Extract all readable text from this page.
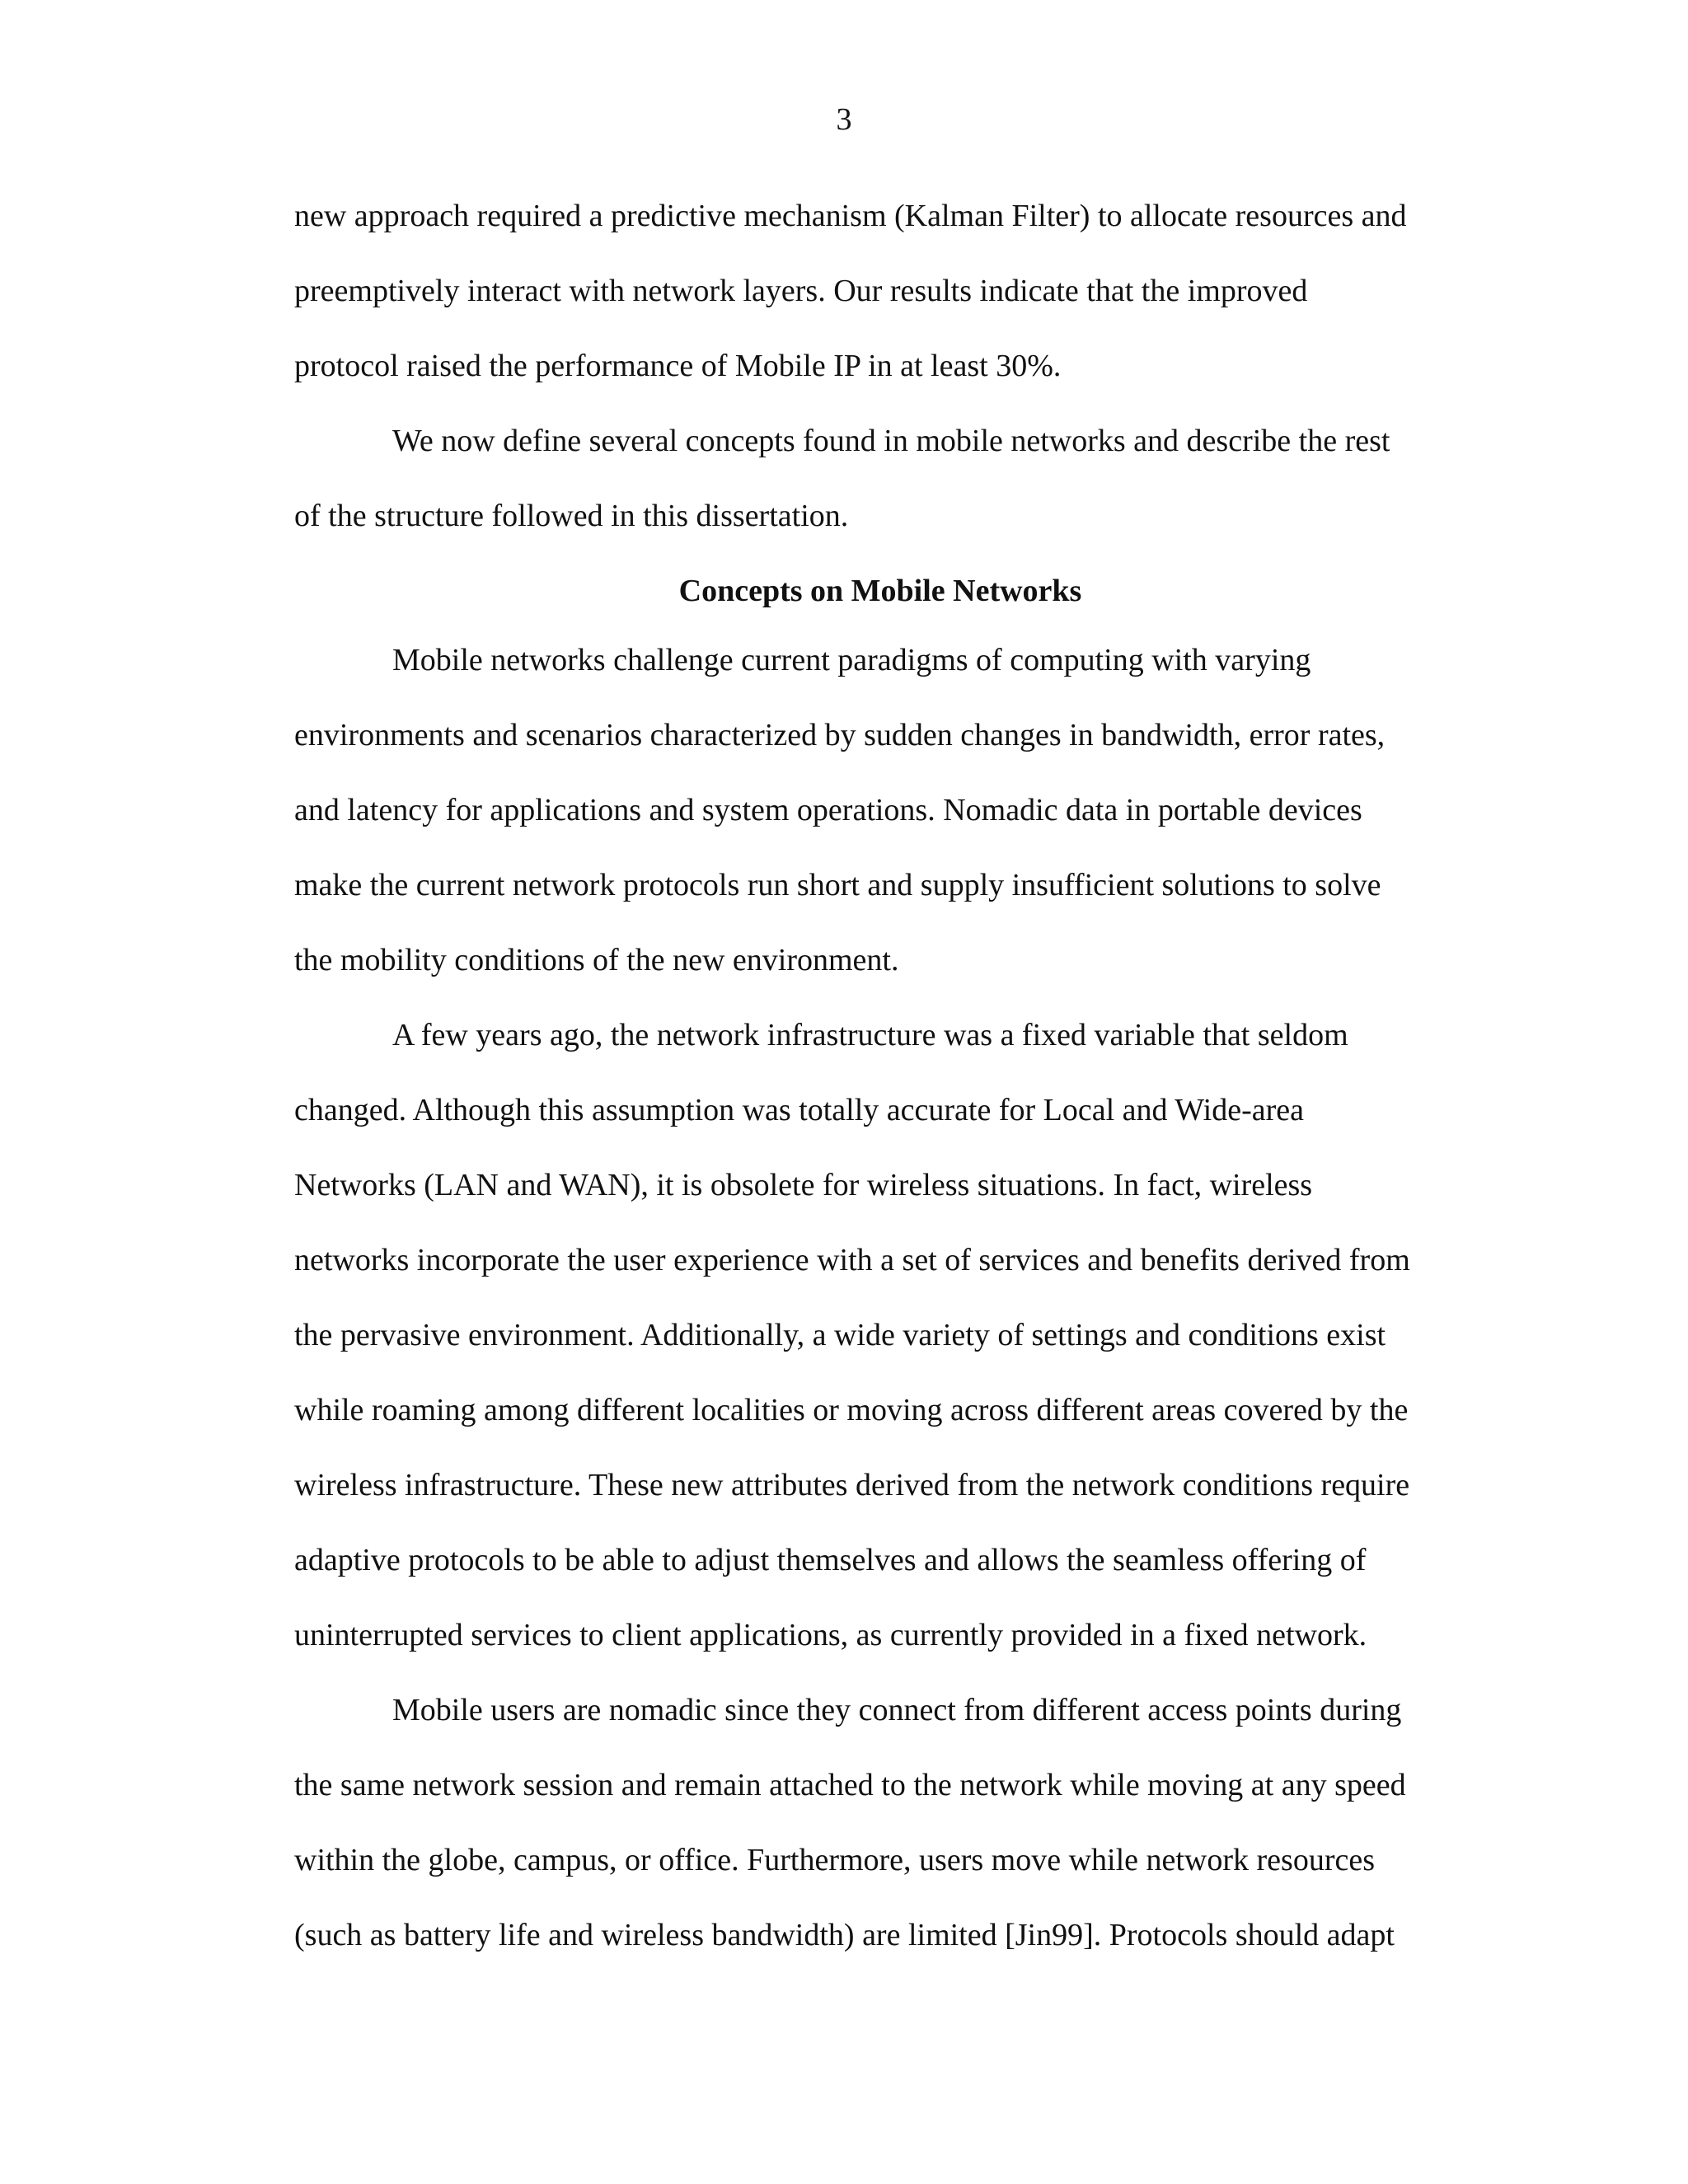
3
new approach required a predictive mechanism (Kalman Filter) to allocate resources and
preemptively interact with network layers. Our results indicate that the improved
protocol raised the performance of Mobile IP in at least 30%.
We now define several concepts found in mobile networks and describe the rest
of the structure followed in this dissertation.
Concepts on Mobile Networks
Mobile networks challenge current paradigms of computing with varying
environments and scenarios characterized by sudden changes in bandwidth, error rates,
and latency for applications and system operations. Nomadic data in portable devices
make the current network protocols run short and supply insufficient solutions to solve
the mobility conditions of the new environment.
A few years ago, the network infrastructure was a fixed variable that seldom
changed. Although this assumption was totally accurate for Local and Wide-area
Networks (LAN and WAN), it is obsolete for wireless situations. In fact, wireless
networks incorporate the user experience with a set of services and benefits derived from
the pervasive environment. Additionally, a wide variety of settings and conditions exist
while roaming among different localities or moving across different areas covered by the
wireless infrastructure. These new attributes derived from the network conditions require
adaptive protocols to be able to adjust themselves and allows the seamless offering of
uninterrupted services to client applications, as currently provided in a fixed network.
Mobile users are nomadic since they connect from different access points during
the same network session and remain attached to the network while moving at any speed
within the globe, campus, or office. Furthermore, users move while network resources
(such as battery life and wireless bandwidth) are limited [Jin99]. Protocols should adapt
